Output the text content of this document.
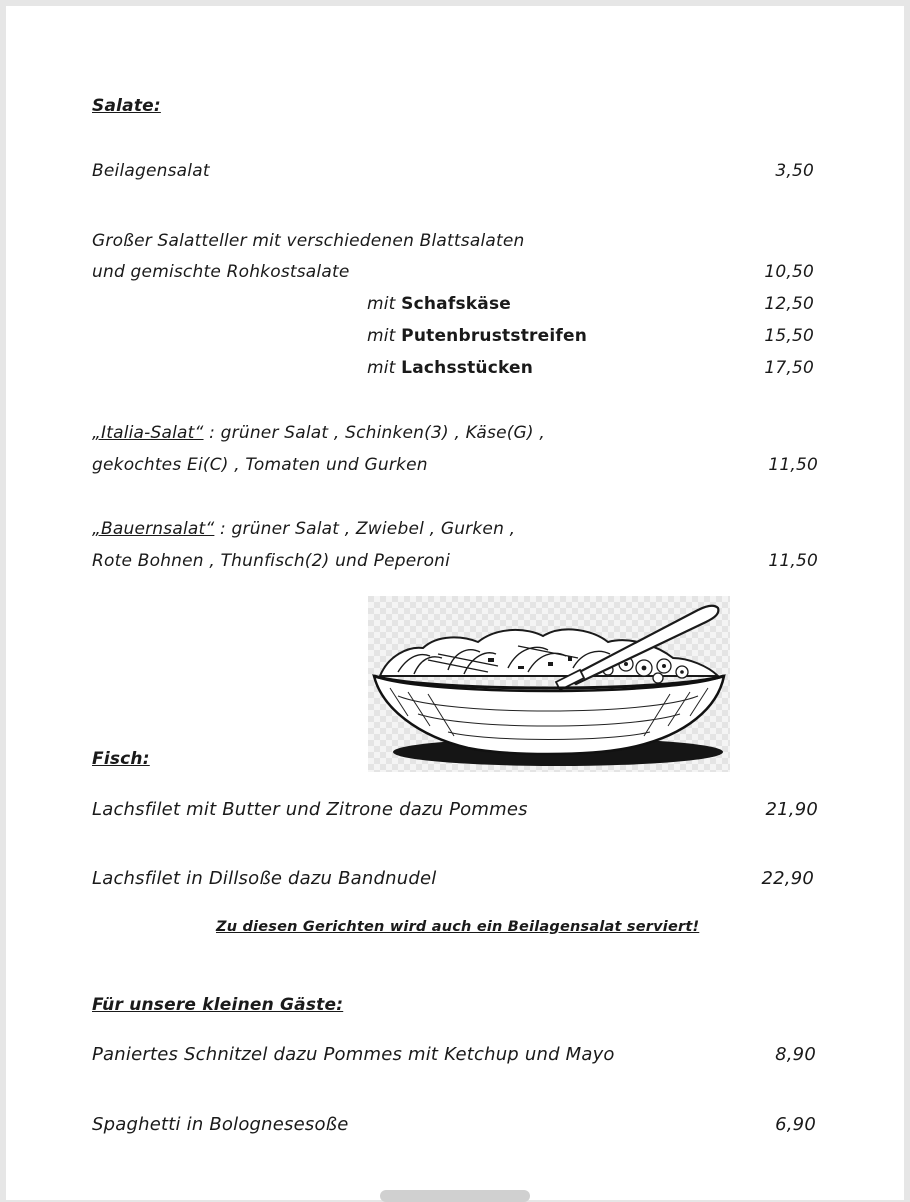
Salate:
Beilagensalat	3,50
Großer Salatteller mit verschiedenen Blattsalaten
und gemischte Rohkostsalate	10,50
mit Schafskäse	12,50
mit Putenbruststreifen	15,50
mit Lachsstücken	17,50
„Italia-Salat“ : grüner Salat , Schinken(3) , Käse(G) ,
gekochtes Ei(C) , Tomaten und Gurken	11,50
„Bauernsalat“ : grüner Salat , Zwiebel , Gurken ,
Rote Bohnen , Thunfisch(2) und Peperoni	11,50
Fisch:
Lachsfilet mit Butter und Zitrone dazu Pommes	21,90
Lachsfilet in Dillsoße dazu Bandnudel	22,90
Zu diesen Gerichten wird auch ein Beilagensalat serviert!
Für unsere kleinen Gäste:
Paniertes Schnitzel dazu Pommes mit Ketchup und Mayo	8,90
Spaghetti in Bolognesesoße	6,90
